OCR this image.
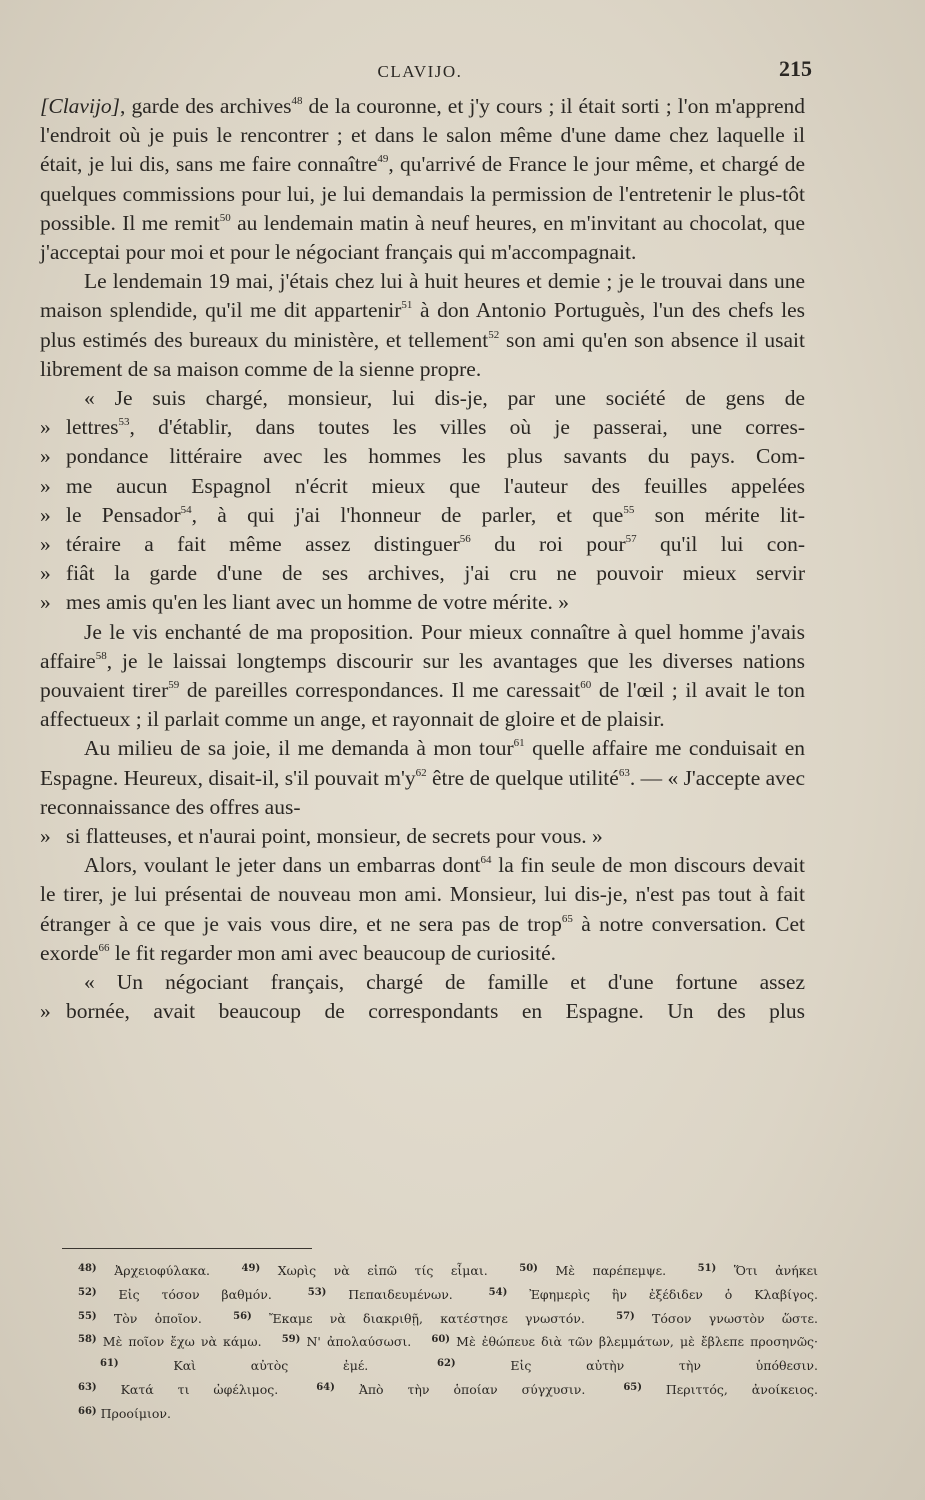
CLAVIJO.	215

[Clavijo], garde des archives$^{48}$ de la couronne, et j'y cours ; il était sorti ; l'on m'apprend l'endroit où je puis le rencontrer ; et dans le salon même d'une dame chez laquelle il était, je lui dis, sans me faire connaître$^{49}$, qu'arrivé de France le jour même, et chargé de quelques commissions pour lui, je lui demandais la permission de l'entretenir le plus-tôt possible. Il me remit$^{50}$ au lendemain matin à neuf heures, en m'invitant au chocolat, que j'acceptai pour moi et pour le négociant français qui m'accompagnait.

Le lendemain 19 mai, j'étais chez lui à huit heures et demie ; je le trouvai dans une maison splendide, qu'il me dit appartenir$^{51}$ à don Antonio Portuguès, l'un des chefs les plus estimés des bureaux du ministère, et tellement$^{52}$ son ami qu'en son absence il usait librement de sa maison comme de la sienne propre.

« Je suis chargé, monsieur, lui dis-je, par une société de gens de
» lettres$^{53}$, d'établir, dans toutes les villes où je passerai, une corres-
» pondance littéraire avec les hommes les plus savants du pays. Com-
» me aucun Espagnol n'écrit mieux que l'auteur des feuilles appelées
» le Pensador$^{54}$, à qui j'ai l'honneur de parler, et que$^{55}$ son mérite lit-
» téraire a fait même assez distinguer$^{56}$ du roi pour$^{57}$ qu'il lui con-
» fiât la garde d'une de ses archives, j'ai cru ne pouvoir mieux servir
» mes amis qu'en les liant avec un homme de votre mérite. »

Je le vis enchanté de ma proposition. Pour mieux connaître à quel homme j'avais affaire$^{58}$, je le laissai longtemps discourir sur les avantages que les diverses nations pouvaient tirer$^{59}$ de pareilles correspondances. Il me caressait$^{60}$ de l'œil ; il avait le ton affectueux ; il parlait comme un ange, et rayonnait de gloire et de plaisir.

Au milieu de sa joie, il me demanda à mon tour$^{61}$ quelle affaire me conduisait en Espagne. Heureux, disait-il, s'il pouvait $m'y^{62}$ être de quelque utilité$^{63}$. — « J'accepte avec reconnaissance des offres aus-

» si flatteuses, et n'aurai point, monsieur, de secrets pour vous. »

Alors, voulant le jeter dans un embarras dont$^{64}$ la fin seule de mon discours devait le tirer, je lui présentai de nouveau mon ami. Monsieur, lui dis-je, n'est pas tout à fait étranger à ce que je vais vous dire, et ne sera pas de trop$^{65}$ à notre conversation. Cet exorde$^{66}$ le fit regarder mon ami avec beaucoup de curiosité.

« Un négociant français, chargé de famille et d'une fortune assez
» bornée, avait beaucoup de correspondants en Espagne. Un des plus
$^{48)}$ Ἀρχειοφύλακα.	$^{49)}$ Χωρὶς νὰ εἰπῶ τίς εἶμαι.	$^{50)}$ Μὲ παρέπεμψε.	$^{51)}$ Ὅτι ἀνήκει
$^{52)}$ Εἰς τόσον βαθμόν.	$^{53)}$ Πεπαιδευμένων.	$^{54)}$ Ἐφημερὶς ἣν ἐξέδιδεν ὁ Κλαβίγος.
$^{55)}$ Τὸν ὁποῖον.	$^{56)}$ Ἔκαμε νὰ διακριθῇ, κατέστησε γνωστόν.	$^{57)}$ Τόσον γνωστὸν ὥστε.
$^{58)}$ Μὲ ποῖον ἔχω νὰ κάμω. $^{59)}$ Ν' ἀπολαύσωσι. $^{60)}$ Μὲ ἐθώπευε διὰ τῶν βλεμμάτων, μὲ ἔβλεπε προσηνῶς·
$^{61)}$	Καὶ αὐτὸς ἐμέ.	$^{62)}$	Εἰς αὐτὴν τὴν ὑπόθεσιν.
$^{63)}$ Κατά τι ὠφέλιμος.	$^{64)}$ Ἀπὸ τὴν ὁποίαν σύγχυσιν.	$^{65)}$ Περιττός, ἀνοίκειος.
$^{66)}$ Προοίμιον.
